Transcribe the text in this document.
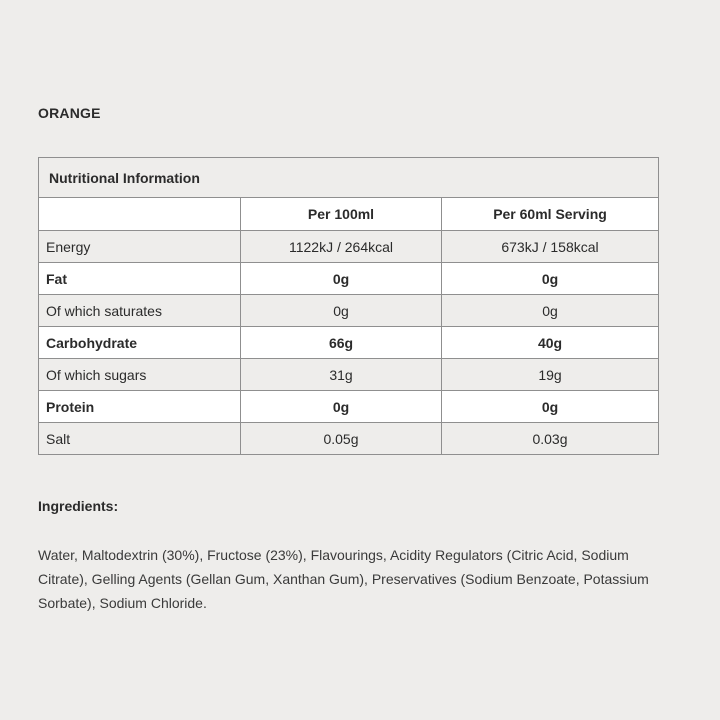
ORANGE
Nutritional Information		
	Per 100ml	Per 60ml Serving
Energy	1122kJ / 264kcal	673kJ / 158kcal
Fat	0g	0g
Of which saturates	0g	0g
Carbohydrate	66g	40g
Of which sugars	31g	19g
Protein	0g	0g
Salt	0.05g	0.03g
Ingredients:
Water, Maltodextrin (30%), Fructose (23%), Flavourings, Acidity Regulators (Citric Acid, Sodium Citrate), Gelling Agents (Gellan Gum, Xanthan Gum), Preservatives (Sodium Benzoate, Potassium Sorbate), Sodium Chloride.
